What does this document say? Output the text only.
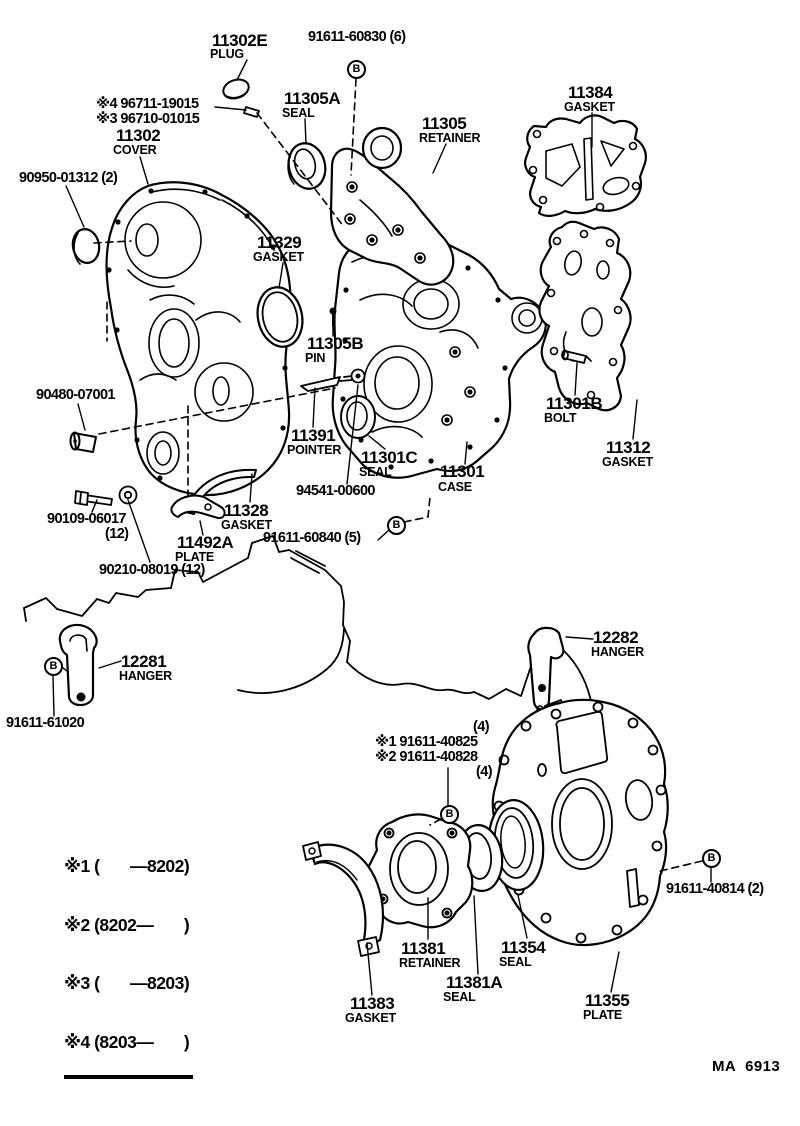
11302E
PLUG
91611-60830 (6)
※4 96711-19015
※3 96710-01015
11302
COVER
90950-01312 (2)
11305A
SEAL
11305
RETAINER
11384
GASKET
11329
GASKET
11305B
PIN
90480-07001
11391
POINTER 11301C
SEAL
94541-00600
11301
CASE
11301B
BOLT
11312
GASKET
90109-06017
(12)
11328
GASKET
11492A
PLATE
91611-60840 (5)
90210-08019 (12)
12281
HANGER
91611-61020
12282
HANGER
(4)
※1 91611-40825
※2 91611-40828
(4)
11381
RETAINER
11354
SEAL
11381A
SEAL
11383
GASKET
11355
PLATE
91611-40814 (2)
MA 6913
B
B
B
B
B

※1 (       —8202)

※2 (8202—       )

※3 (       —8203)

※4 (8203—       )
